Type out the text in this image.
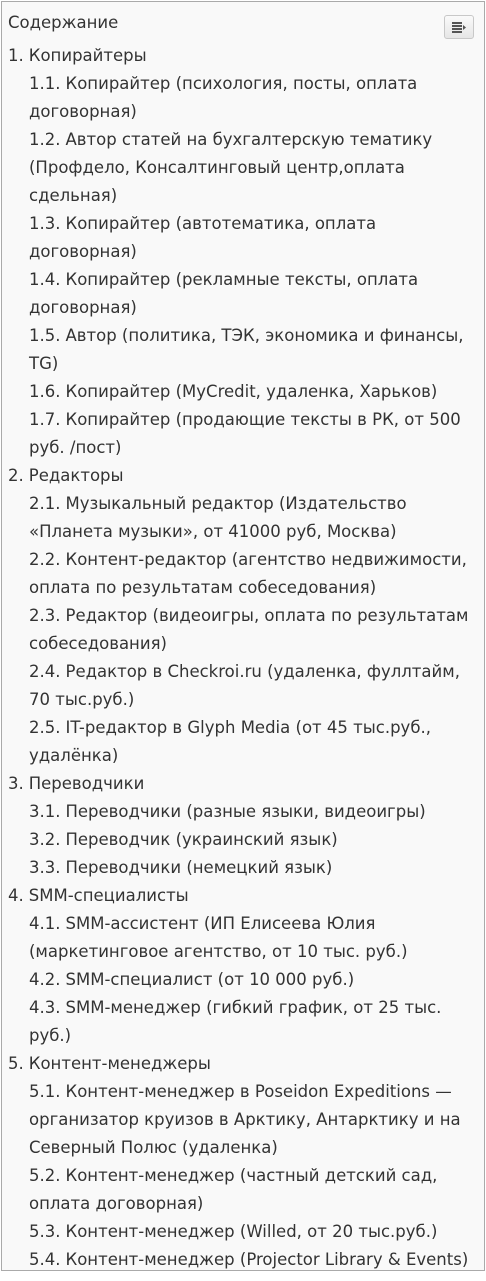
Содержание
1. Копирайтеры
1.1. Копирайтер (психология, посты, оплата договорная)
1.2. Автор статей на бухгалтерскую тематику (Профдело, Консалтинговый центр,оплата сдельная)
1.3. Копирайтер (автотематика, оплата договорная)
1.4. Копирайтер (рекламные тексты, оплата договорная)
1.5. Автор (политика, ТЭК, экономика и финансы, TG)
1.6. Копирайтер (MyCredit, удаленка, Харьков)
1.7. Копирайтер (продающие тексты в РК, от 500 руб. /пост)
2. Редакторы
2.1. Музыкальный редактор (Издательство «Планета музыки», от 41000 руб, Москва)
2.2. Контент-редактор (агентство недвижимости, оплата по результатам собеседования)
2.3. Редактор (видеоигры, оплата по результатам собеседования)
2.4. Редактор в Checkroi.ru (удаленка, фуллтайм, 70 тыс.руб.)
2.5. IT-редактор в Glyph Media (от 45 тыс.руб., удалёнка)
3. Переводчики
3.1. Переводчики (разные языки, видеоигры)
3.2. Переводчик (украинский язык)
3.3. Переводчики (немецкий язык)
4. SMM-специалисты
4.1. SMM-ассистент (ИП Елисеева Юлия (маркетинговое агентство, от 10 тыс. руб.)
4.2. SMM-специалист (от 10 000 руб.)
4.3. SMM-менеджер (гибкий график, от 25 тыс. руб.)
5. Контент-менеджеры
5.1. Контент-менеджер в Poseidon Expeditions — организатор круизов в Арктику, Антарктику и на Северный Полюс (удаленка)
5.2. Контент-менеджер (частный детский сад, оплата договорная)
5.3. Контент-менеджер (Willed, от 20 тыс.руб.)
5.4. Контент-менеджер (Projector Library & Events)
